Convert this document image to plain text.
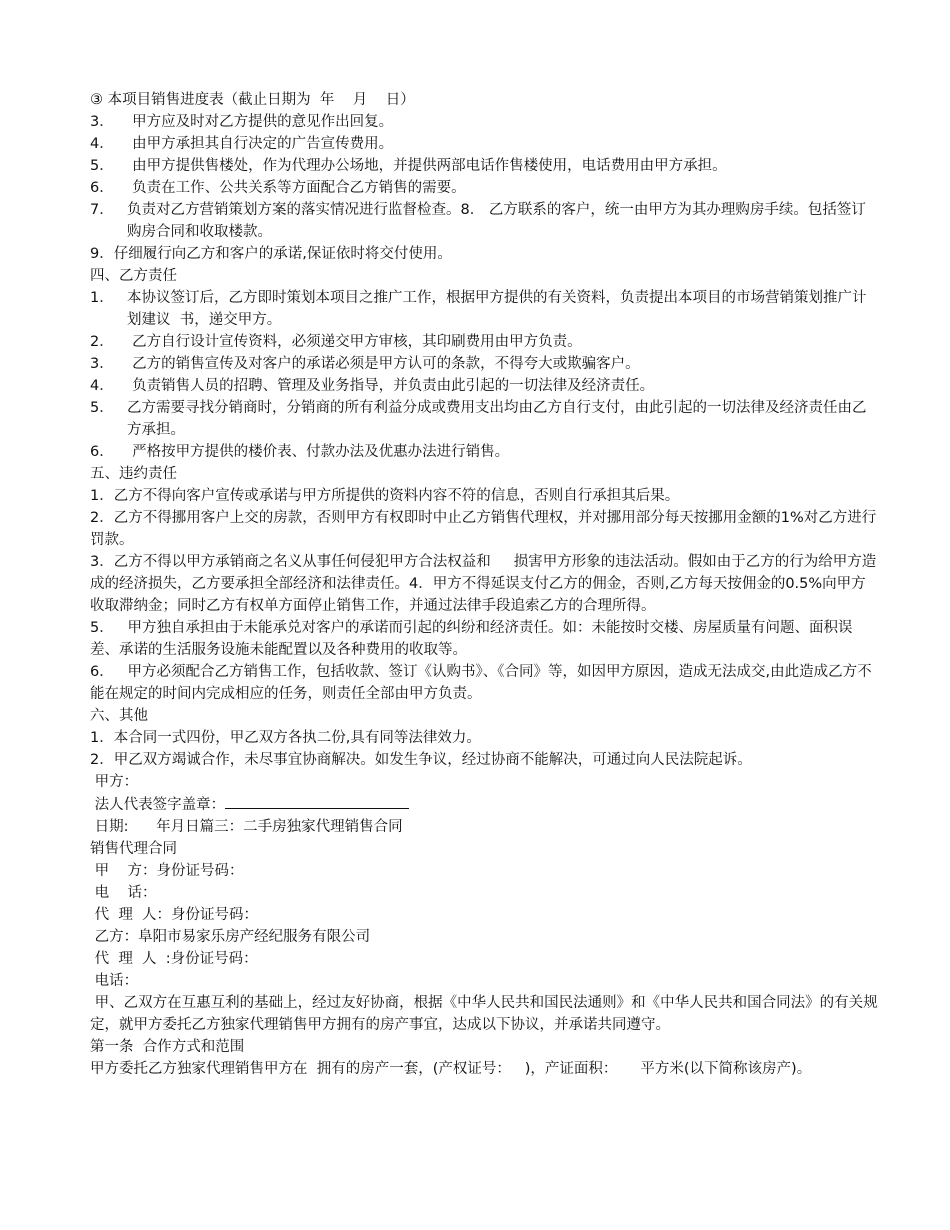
③ 本项目销售进度表（截止日期为  年    月    日）
3．    甲方应及时对乙方提供的意见作出回复。
4．    由甲方承担其自行决定的广告宣传费用。
5．    由甲方提供售楼处，作为代理办公场地，并提供两部电话作售楼使用，电话费用由甲方承担。
6．    负责在工作、公共关系等方面配合乙方销售的需要。
7． 负责对乙方营销策划方案的落实情况进行监督检查。8． 乙方联系的客户，统一由甲方为其办理购房手续。包括签订购房合同和收取楼款。
9．仔细履行向乙方和客户的承诺,保证依时将交付使用。
四、乙方责任
1． 本协议签订后，乙方即时策划本项目之推广工作，根据甲方提供的有关资料，负责提出本项目的市场营销策划推广计划建议  书，递交甲方。
2．    乙方自行设计宣传资料，必须递交甲方审核，其印刷费用由甲方负责。
3．    乙方的销售宣传及对客户的承诺必须是甲方认可的条款，不得夸大或欺骗客户。
4．    负责销售人员的招聘、管理及业务指导，并负责由此引起的一切法律及经济责任。
5． 乙方需要寻找分销商时，分销商的所有利益分成或费用支出均由乙方自行支付，由此引起的一切法律及经济责任由乙方承担。
6．    严格按甲方提供的楼价表、付款办法及优惠办法进行销售。
五、违约责任
1．乙方不得向客户宣传或承诺与甲方所提供的资料内容不符的信息，否则自行承担其后果。
2．乙方不得挪用客户上交的房款，否则甲方有权即时中止乙方销售代理权，并对挪用部分每天按挪用金额的1%对乙方进行罚款。
3．乙方不得以甲方承销商之名义从事任何侵犯甲方合法权益和     损害甲方形象的违法活动。假如由于乙方的行为给甲方造成的经济损失，乙方要承担全部经济和法律责任。4．甲方不得延误支付乙方的佣金，否则,乙方每天按佣金的0.5%向甲方收取滞纳金；同时乙方有权单方面停止销售工作，并通过法律手段追索乙方的合理所得。
5．   甲方独自承担由于未能承兑对客户的承诺而引起的纠纷和经济责任。如：未能按时交楼、房屋质量有问题、面积误差、承诺的生活服务设施未能配置以及各种费用的收取等。
6．   甲方必须配合乙方销售工作，包括收款、签订《认购书》、《合同》等，如因甲方原因，造成无法成交,由此造成乙方不能在规定的时间内完成相应的任务，则责任全部由甲方负责。
六、其他
1．本合同一式四份，甲乙双方各执二份,具有同等法律效力。
2．甲乙双方竭诚合作，未尽事宜协商解决。如发生争议，经过协商不能解决，可通过向人民法院起诉。
甲方：
法人代表签字盖章：
日期:      年月日篇三：二手房独家代理销售合同
销售代理合同
甲    方：身份证号码：
电    话：
代  理  人：身份证号码：
乙方：阜阳市易家乐房产经纪服务有限公司
代  理  人  :身份证号码：
电话：
甲、乙双方在互惠互利的基础上，经过友好协商，根据《中华人民共和国民法通则》和《中华人民共和国合同法》的有关规定，就甲方委托乙方独家代理销售甲方拥有的房产事宜，达成以下协议，并承诺共同遵守。
第一条  合作方式和范围
甲方委托乙方独家代理销售甲方在  拥有的房产一套，(产权证号：   )，产证面积：     平方米(以下简称该房产)。
